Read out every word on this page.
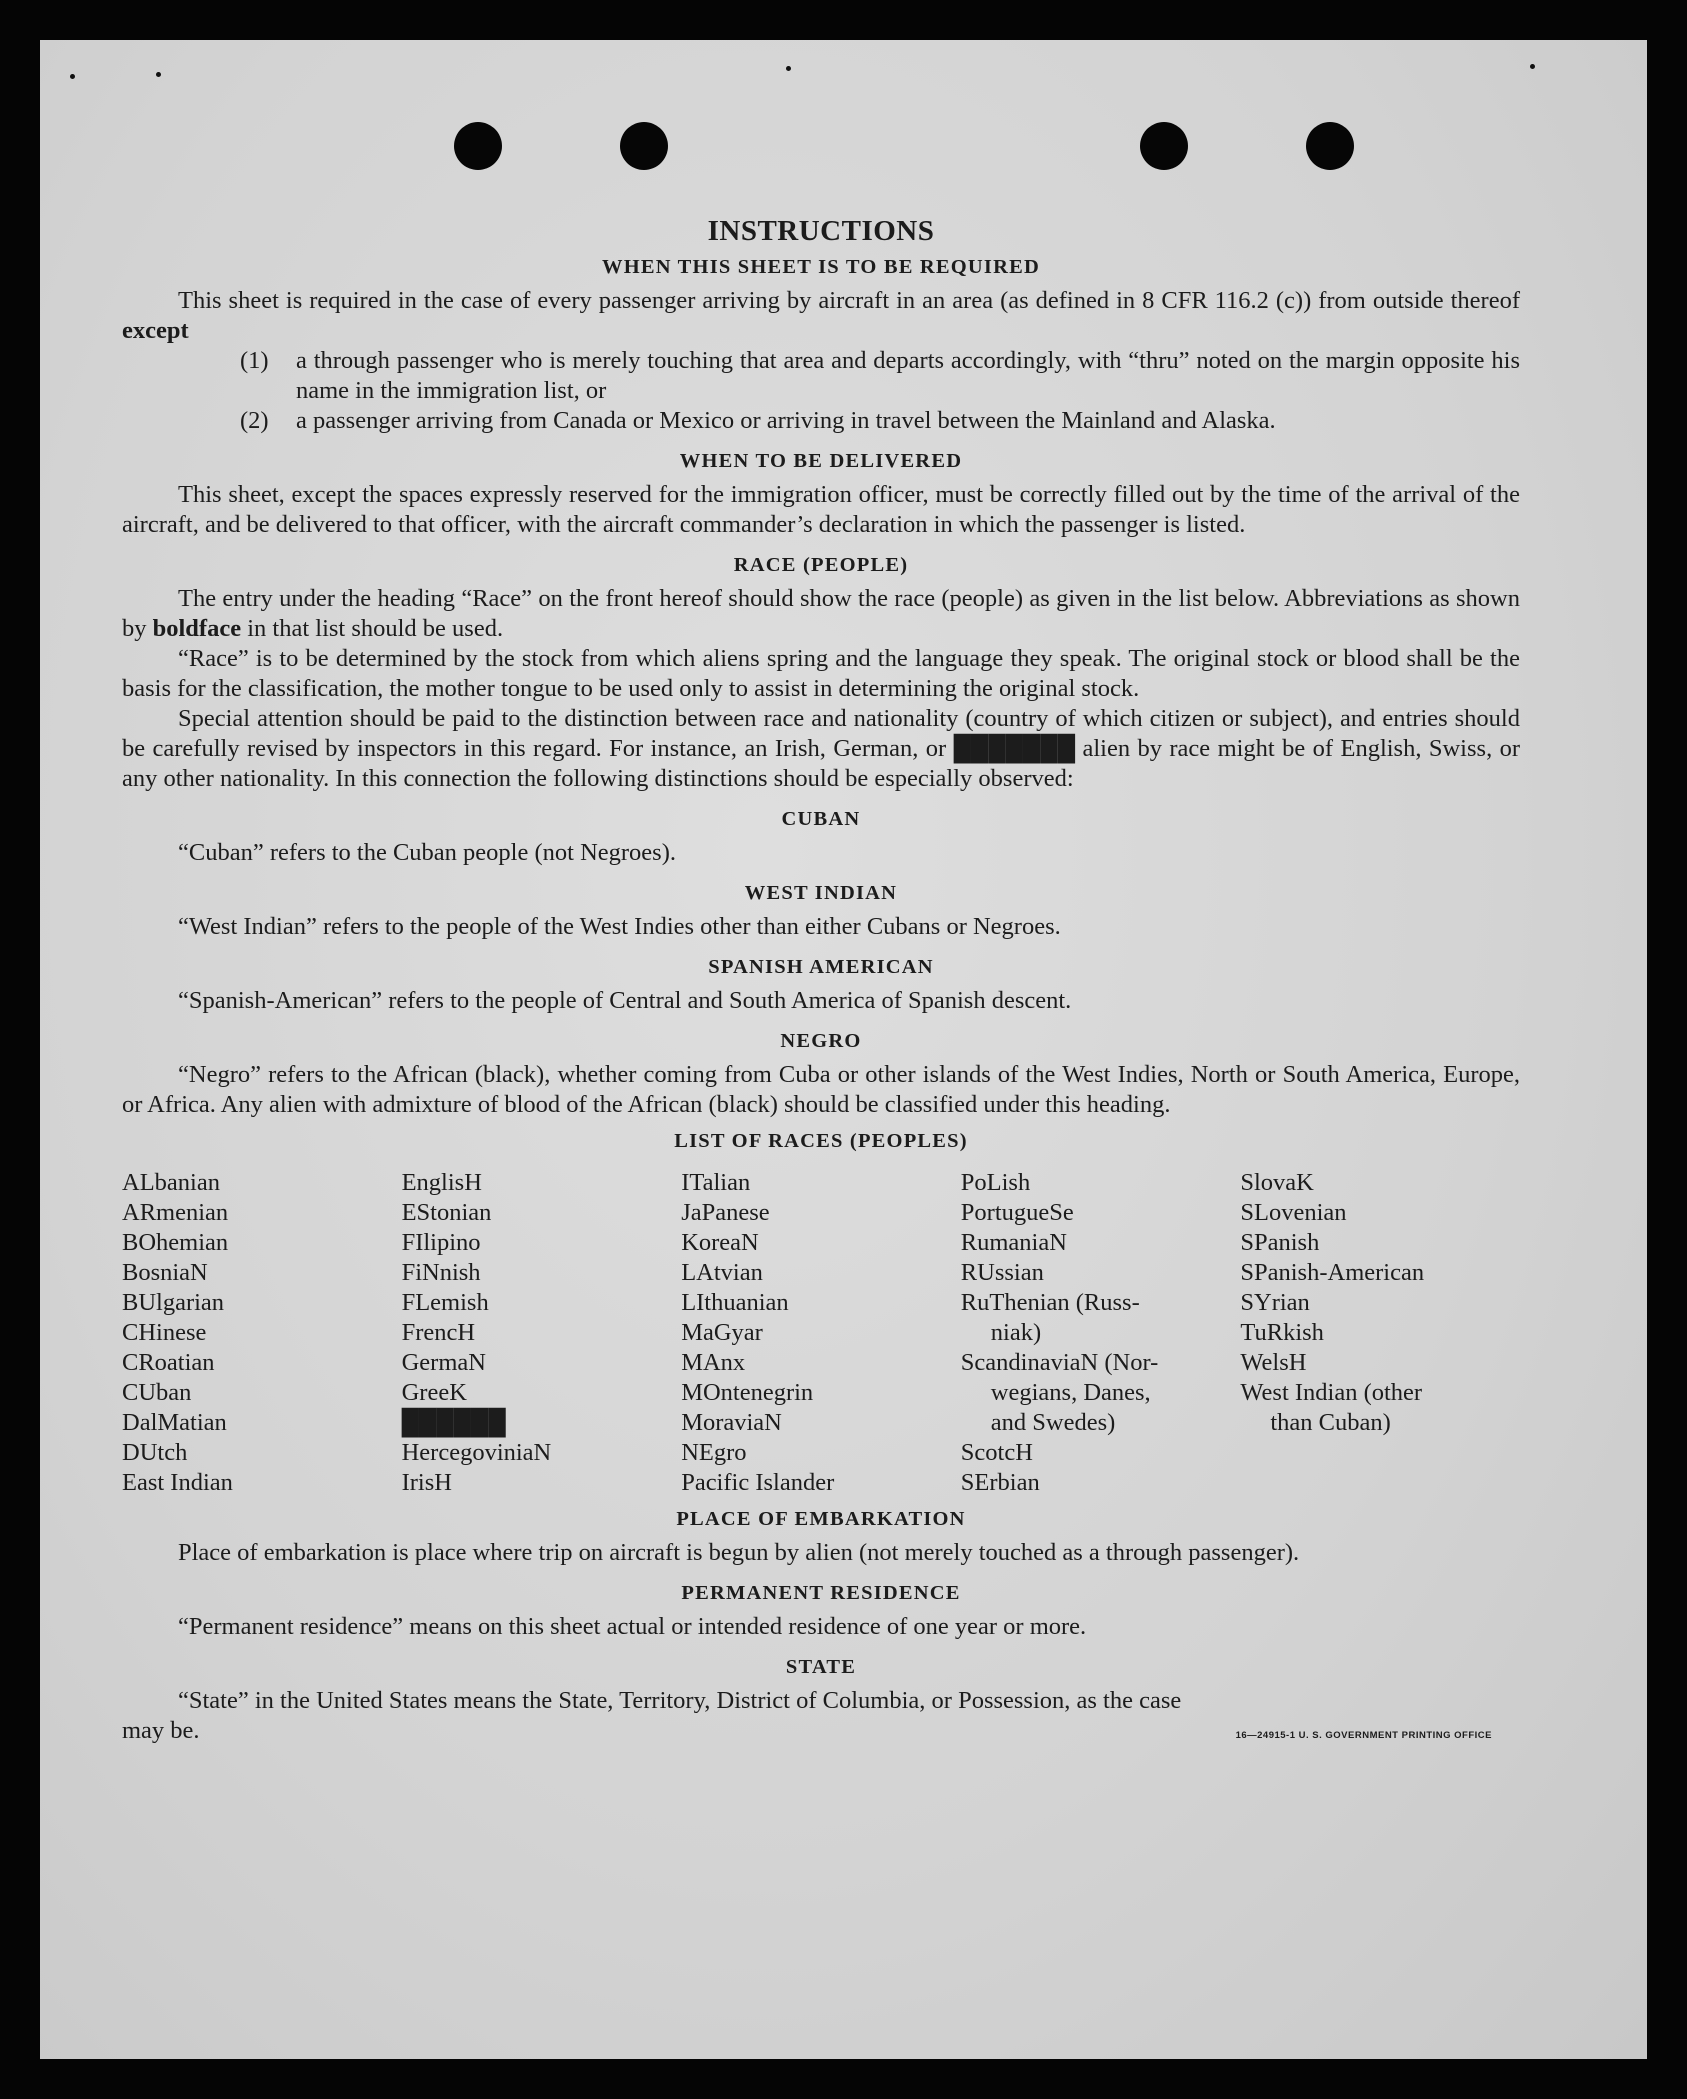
INSTRUCTIONS
WHEN THIS SHEET IS TO BE REQUIRED

This sheet is required in the case of every passenger arriving by aircraft in an area (as defined in 8 CFR 116.2 (c)) from outside thereof except

(1)	a through passenger who is merely touching that area and departs accordingly, with “thru” noted on the margin opposite his name in the immigration list, or
(2)	a passenger arriving from Canada or Mexico or arriving in travel between the Mainland and Alaska.
WHEN TO BE DELIVERED

This sheet, except the spaces expressly reserved for the immigration officer, must be correctly filled out by the time of the arrival of the aircraft, and be delivered to that officer, with the aircraft commander’s declaration in which the passenger is listed.

RACE (PEOPLE)

The entry under the heading “Race” on the front hereof should show the race (people) as given in the list below. Abbreviations as shown by boldface in that list should be used.

“Race” is to be determined by the stock from which aliens spring and the language they speak. The original stock or blood shall be the basis for the classification, the mother tongue to be used only to assist in determining the original stock.

Special attention should be paid to the distinction between race and nationality (country of which citizen or subject), and entries should be carefully revised by inspectors in this regard. For instance, an Irish, German, or ███████ alien by race might be of English, Swiss, or any other nationality. In this connection the following distinctions should be especially observed:

CUBAN

“Cuban” refers to the Cuban people (not Negroes).

WEST INDIAN

“West Indian” refers to the people of the West Indies other than either Cubans or Negroes.

SPANISH AMERICAN

“Spanish-American” refers to the people of Central and South America of Spanish descent.

NEGRO

“Negro” refers to the African (black), whether coming from Cuba or other islands of the West Indies, North or South America, Europe, or Africa. Any alien with admixture of blood of the African (black) should be classified under this heading.

LIST OF RACES (PEOPLES)
ALbanian
ARmenian
BOhemian
BosniaN
BUlgarian
CHinese
CRoatian
CUban
DalMatian
DUtch
East Indian
EnglisH
EStonian
FIlipino
FiNnish
FLemish
FrencH
GermaN
GreeK
██████
HercegoviniaN
IrisH
ITalian
JaPanese
KoreaN
LAtvian
LIthuanian
MaGyar
MAnx
MOntenegrin
MoraviaN
NEgro
Pacific Islander
PoLish
PortugueSe
RumaniaN
RUssian
RuThenian (Russ-
niak)
ScandinaviaN (Nor-
wegians, Danes,
and Swedes)
ScotcH
SErbian
SlovaK
SLovenian
SPanish
SPanish-American
SYrian
TuRkish
WelsH
West Indian (other
than Cuban)
PLACE OF EMBARKATION

Place of embarkation is place where trip on aircraft is begun by alien (not merely touched as a through passenger).

PERMANENT RESIDENCE

“Permanent residence” means on this sheet actual or intended residence of one year or more.

STATE

“State” in the United States means the State, Territory, District of Columbia, or Possession, as the case

may be.	16—24915-1 U. S. GOVERNMENT PRINTING OFFICE
